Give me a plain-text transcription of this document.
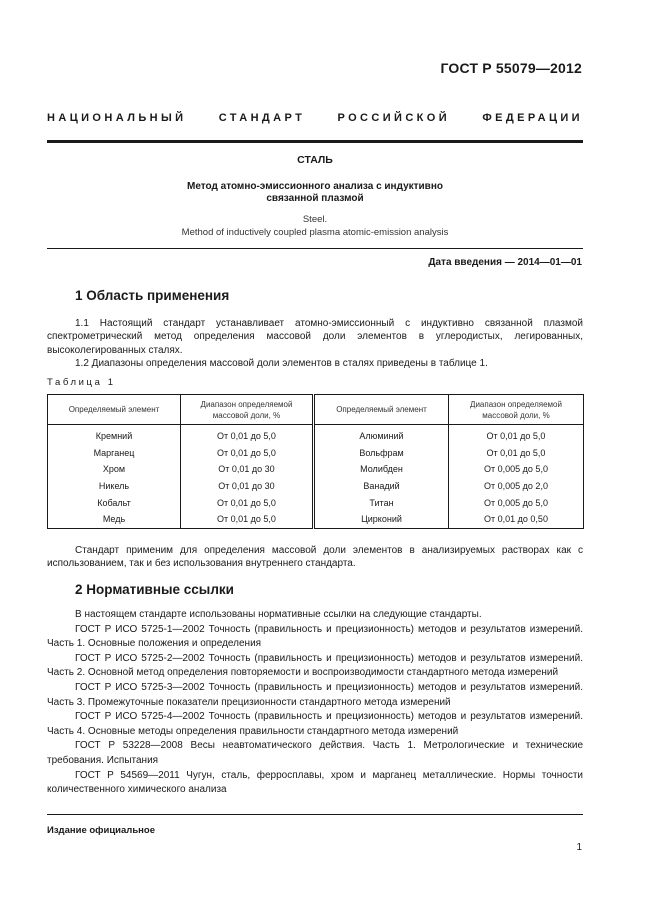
ГОСТ Р 55079—2012
НАЦИОНАЛЬНЫЙ СТАНДАРТ РОССИЙСКОЙ ФЕДЕРАЦИИ
СТАЛЬ
Метод атомно-эмиссионного анализа с индуктивно
связанной плазмой
Steel.
Method of inductively coupled plasma atomic-emission analysis
Дата введения — 2014—01—01
1 Область применения
1.1 Настоящий стандарт устанавливает атомно-эмиссионный с индуктивно связанной плазмой спектрометрический метод определения массовой доли элементов в углеродистых, легированных, высоколегированных сталях.
1.2 Диапазоны определения массовой доли элементов в сталях приведены в таблице 1.
Таблица 1
Определяемый элемент	Диапазон определяемой массовой доли, %	Определяемый элемент	Диапазон определяемой массовой доли, %
Кремний	От 0,01 до 5,0	Алюминий	От 0,01 до 5,0
Марганец	От 0,01 до 5,0	Вольфрам	От 0,01 до 5,0
Хром	От 0,01 до 30	Молибден	От 0,005 до 5,0
Никель	От 0,01 до 30	Ванадий	От 0,005 до 2,0
Кобальт	От 0,01 до 5,0	Титан	От 0,005 до 5,0
Медь	От 0,01 до 5,0	Цирконий	От 0,01 до 0,50
Стандарт применим для определения массовой доли элементов в анализируемых растворах как с использованием, так и без использования внутреннего стандарта.
2 Нормативные ссылки
В настоящем стандарте использованы нормативные ссылки на следующие стандарты.
ГОСТ Р ИСО 5725-1—2002 Точность (правильность и прецизионность) методов и результатов измерений. Часть 1. Основные положения и определения
ГОСТ Р ИСО 5725-2—2002 Точность (правильность и прецизионность) методов и результатов измерений. Часть 2. Основной метод определения повторяемости и воспроизводимости стандартного метода измерений
ГОСТ Р ИСО 5725-3—2002 Точность (правильность и прецизионность) методов и результатов измерений. Часть 3. Промежуточные показатели прецизионности стандартного метода измерений
ГОСТ Р ИСО 5725-4—2002 Точность (правильность и прецизионность) методов и результатов измерений. Часть 4. Основные методы определения правильности стандартного метода измерений
ГОСТ Р 53228—2008 Весы неавтоматического действия. Часть 1. Метрологические и технические требования. Испытания
ГОСТ Р 54569—2011 Чугун, сталь, ферросплавы, хром и марганец металлические. Нормы точности количественного химического анализа
Издание официальное
1
